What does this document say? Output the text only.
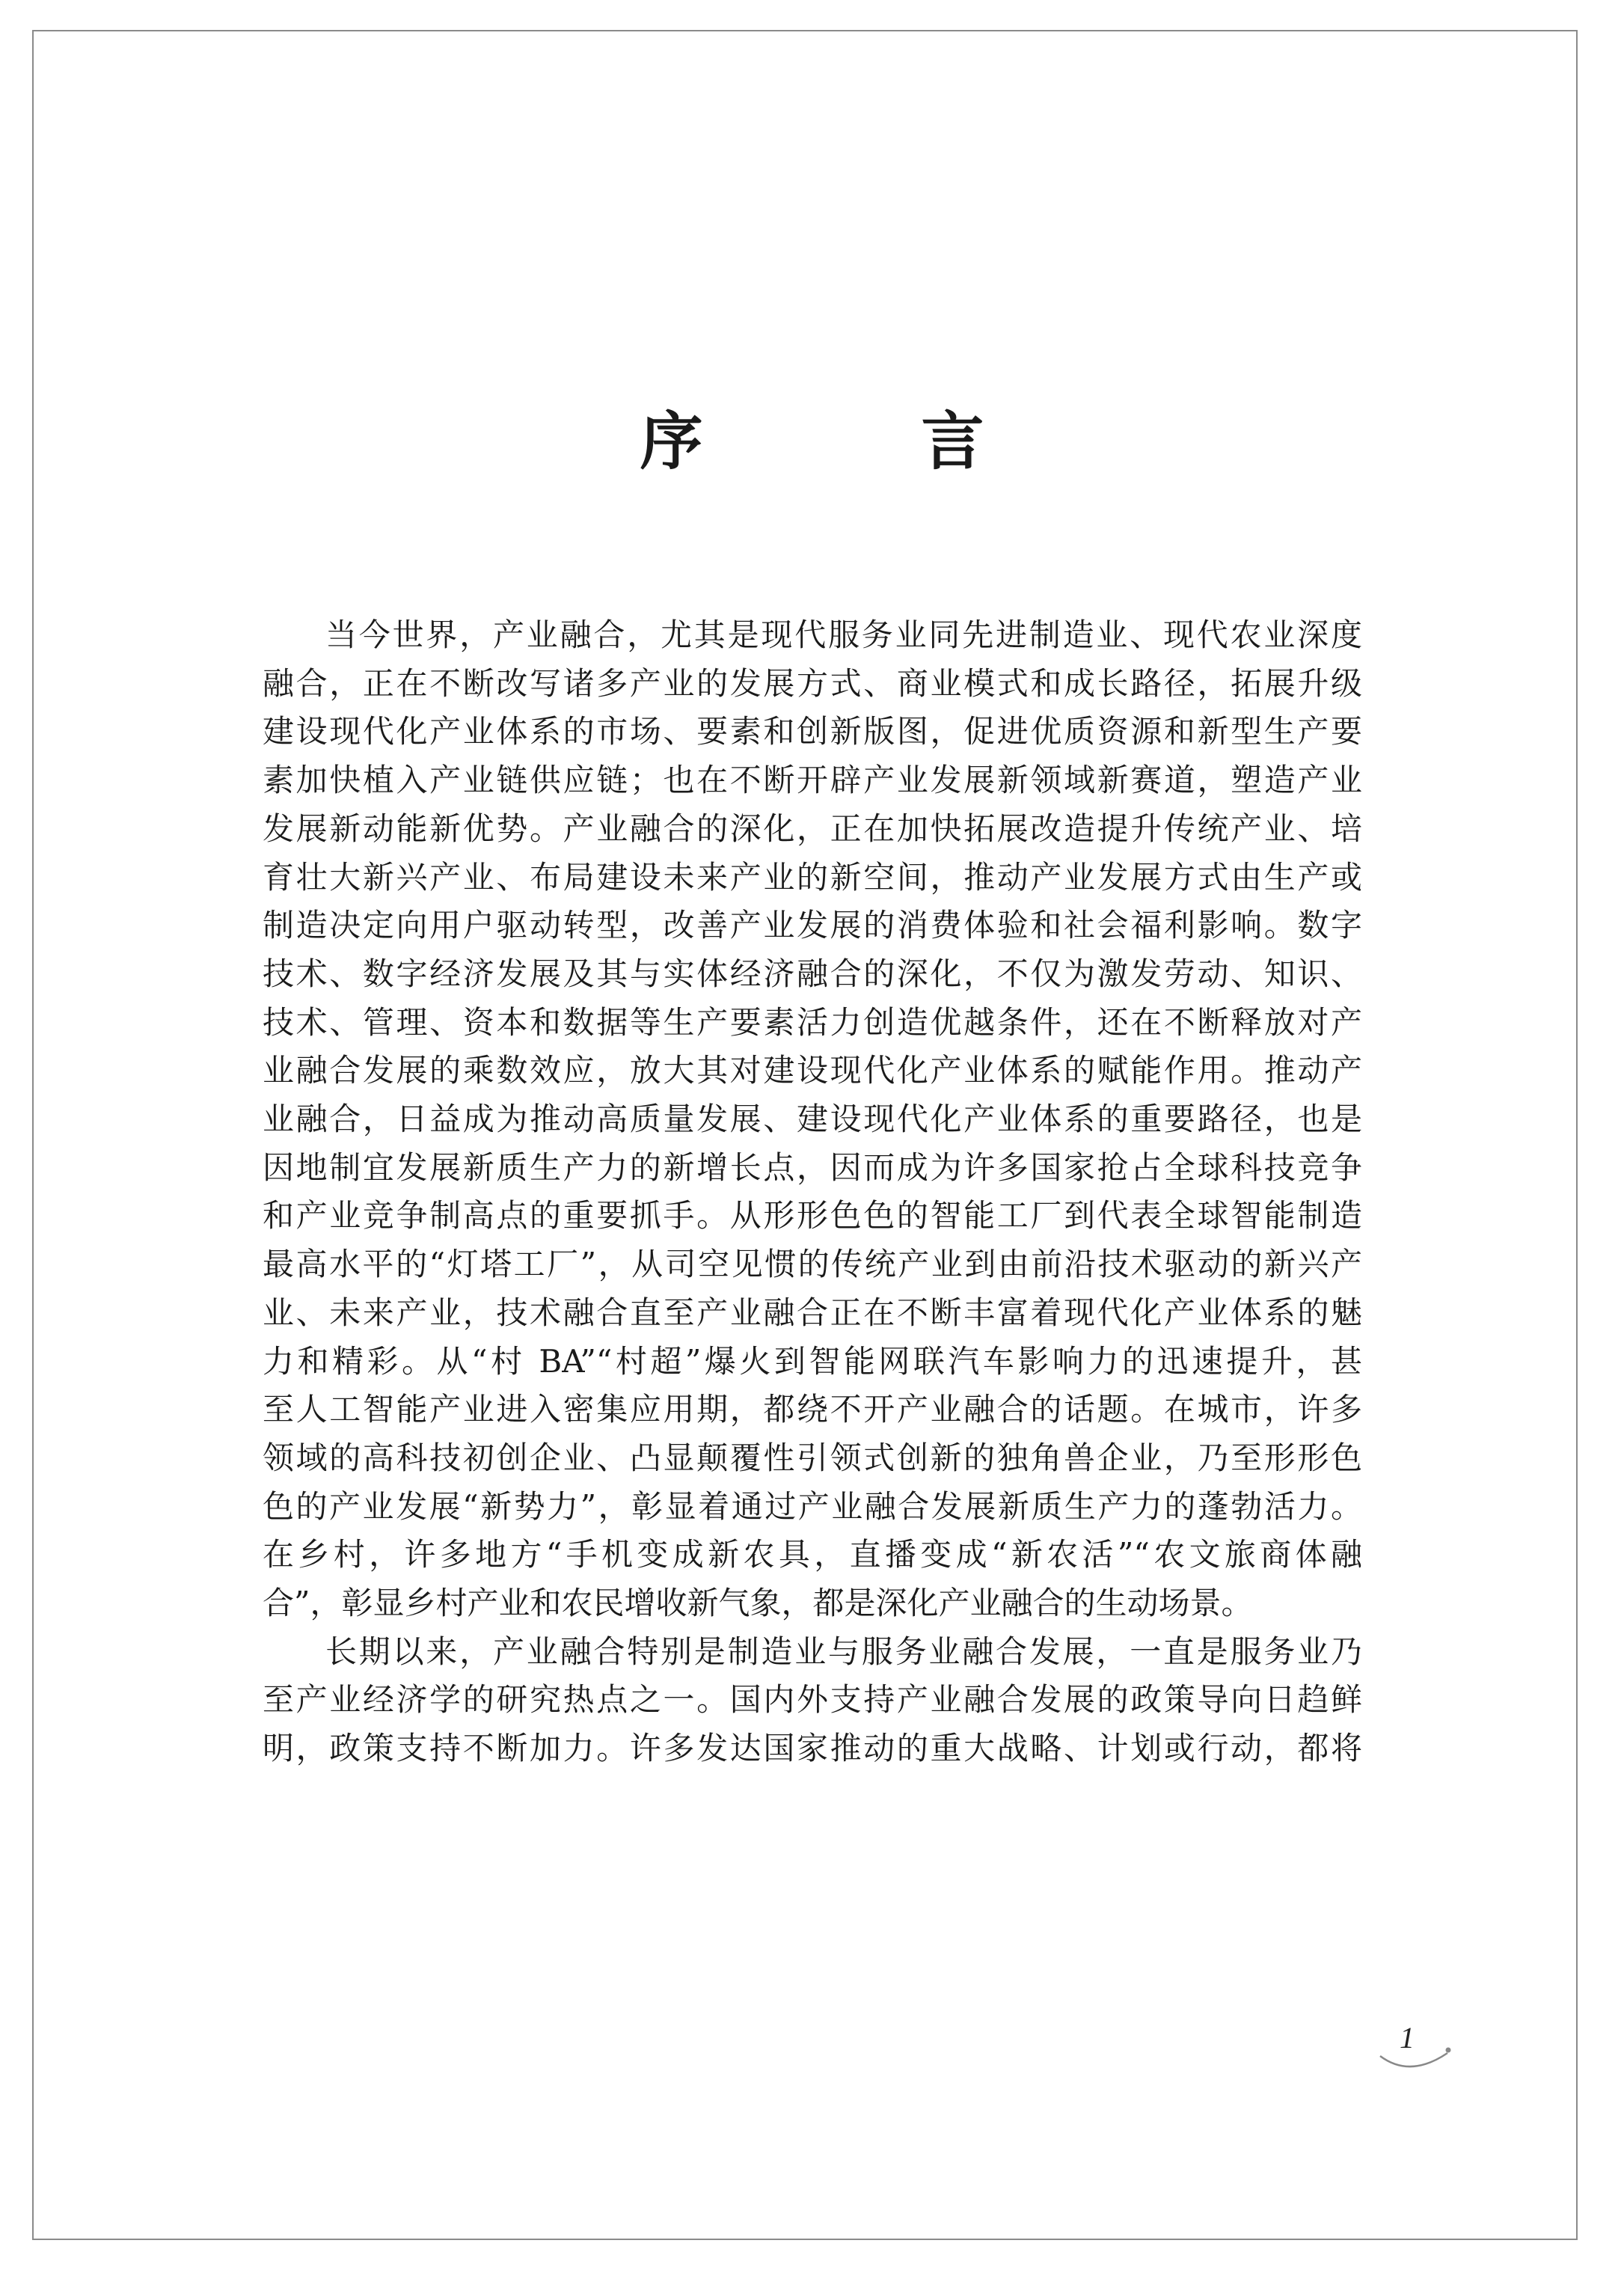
序　言

当今世界，产业融合，尤其是现代服务业同先进制造业、现代农业深度
融合，正在不断改写诸多产业的发展方式、商业模式和成长路径，拓展升级
建设现代化产业体系的市场、要素和创新版图，促进优质资源和新型生产要
素加快植入产业链供应链；也在不断开辟产业发展新领域新赛道，塑造产业
发展新动能新优势。产业融合的深化，正在加快拓展改造提升传统产业、培
育壮大新兴产业、布局建设未来产业的新空间，推动产业发展方式由生产或
制造决定向用户驱动转型，改善产业发展的消费体验和社会福利影响。数字
技术、数字经济发展及其与实体经济融合的深化，不仅为激发劳动、知识、
技术、管理、资本和数据等生产要素活力创造优越条件，还在不断释放对产
业融合发展的乘数效应，放大其对建设现代化产业体系的赋能作用。推动产
业融合，日益成为推动高质量发展、建设现代化产业体系的重要路径，也是
因地制宜发展新质生产力的新增长点，因而成为许多国家抢占全球科技竞争
和产业竞争制高点的重要抓手。从形形色色的智能工厂到代表全球智能制造
最高水平的“灯塔工厂”，从司空见惯的传统产业到由前沿技术驱动的新兴产
业、未来产业，技术融合直至产业融合正在不断丰富着现代化产业体系的魅
力和精彩。从“村 BA”“村超”爆火到智能网联汽车影响力的迅速提升，甚
至人工智能产业进入密集应用期，都绕不开产业融合的话题。在城市，许多
领域的高科技初创企业、凸显颠覆性引领式创新的独角兽企业，乃至形形色
色的产业发展“新势力”，彰显着通过产业融合发展新质生产力的蓬勃活力。
在乡村，许多地方“手机变成新农具，直播变成“新农活”“农文旅商体融
合”，彰显乡村产业和农民增收新气象，都是深化产业融合的生动场景。

长期以来，产业融合特别是制造业与服务业融合发展，一直是服务业乃
至产业经济学的研究热点之一。国内外支持产业融合发展的政策导向日趋鲜
明，政策支持不断加力。许多发达国家推动的重大战略、计划或行动，都将

1
